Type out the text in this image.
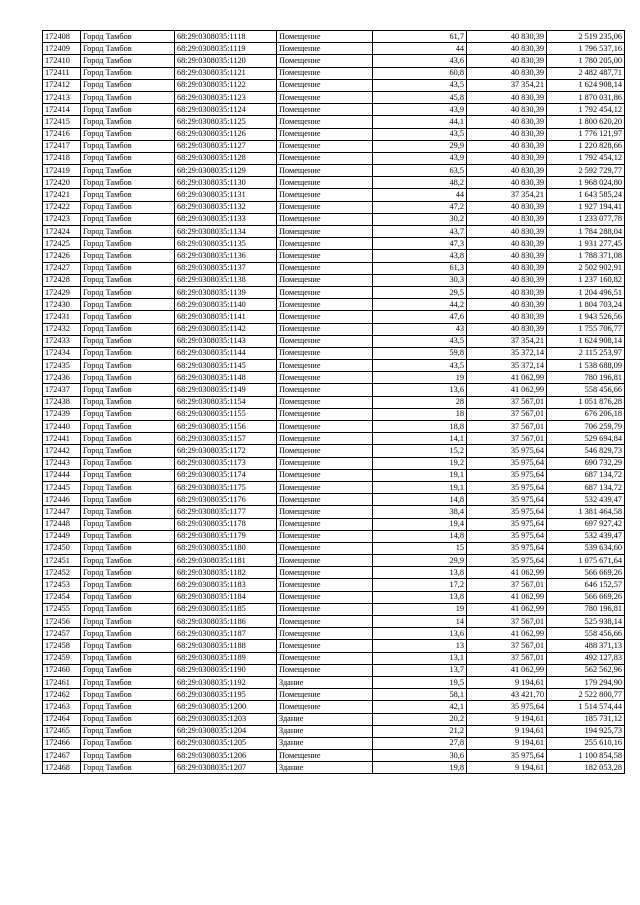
172408	Город Тамбов	68:29:0308035:1118	Помещение	61,7	40 830,39	2 519 235,06
172409	Город Тамбов	68:29:0308035:1119	Помещение	44	40 830,39	1 796 537,16
172410	Город Тамбов	68:29:0308035:1120	Помещение	43,6	40 830,39	1 780 205,00
172411	Город Тамбов	68:29:0308035:1121	Помещение	60,8	40 830,39	2 482 487,71
172412	Город Тамбов	68:29:0308035:1122	Помещение	43,5	37 354,21	1 624 908,14
172413	Город Тамбов	68:29:0308035:1123	Помещение	45,8	40 830,39	1 870 031,86
172414	Город Тамбов	68:29:0308035:1124	Помещение	43,9	40 830,39	1 792 454,12
172415	Город Тамбов	68:29:0308035:1125	Помещение	44,1	40 830,39	1 800 620,20
172416	Город Тамбов	68:29:0308035:1126	Помещение	43,5	40 830,39	1 776 121,97
172417	Город Тамбов	68:29:0308035:1127	Помещение	29,9	40 830,39	1 220 828,66
172418	Город Тамбов	68:29:0308035:1128	Помещение	43,9	40 830,39	1 792 454,12
172419	Город Тамбов	68:29:0308035:1129	Помещение	63,5	40 830,39	2 592 729,77
172420	Город Тамбов	68:29:0308035:1130	Помещение	48,2	40 830,39	1 968 024,80
172421	Город Тамбов	68:29:0308035:1131	Помещение	44	37 354,21	1 643 585,24
172422	Город Тамбов	68:29:0308035:1132	Помещение	47,2	40 830,39	1 927 194,41
172423	Город Тамбов	68:29:0308035:1133	Помещение	30,2	40 830,39	1 233 077,78
172424	Город Тамбов	68:29:0308035:1134	Помещение	43,7	40 830,39	1 784 288,04
172425	Город Тамбов	68:29:0308035:1135	Помещение	47,3	40 830,39	1 931 277,45
172426	Город Тамбов	68:29:0308035:1136	Помещение	43,8	40 830,39	1 788 371,08
172427	Город Тамбов	68:29:0308035:1137	Помещение	61,3	40 830,39	2 502 902,91
172428	Город Тамбов	68:29:0308035:1138	Помещение	30,3	40 830,39	1 237 160,82
172429	Город Тамбов	68:29:0308035:1139	Помещение	29,5	40 830,39	1 204 496,51
172430	Город Тамбов	68:29:0308035:1140	Помещение	44,2	40 830,39	1 804 703,24
172431	Город Тамбов	68:29:0308035:1141	Помещение	47,6	40 830,39	1 943 526,56
172432	Город Тамбов	68:29:0308035:1142	Помещение	43	40 830,39	1 755 706,77
172433	Город Тамбов	68:29:0308035:1143	Помещение	43,5	37 354,21	1 624 908,14
172434	Город Тамбов	68:29:0308035:1144	Помещение	59,8	35 372,14	2 115 253,97
172435	Город Тамбов	68:29:0308035:1145	Помещение	43,5	35 372,14	1 538 688,09
172436	Город Тамбов	68:29:0308035:1148	Помещение	19	41 062,99	780 196,81
172437	Город Тамбов	68:29:0308035:1149	Помещение	13,6	41 062,99	558 456,66
172438	Город Тамбов	68:29:0308035:1154	Помещение	28	37 567,01	1 051 876,28
172439	Город Тамбов	68:29:0308035:1155	Помещение	18	37 567,01	676 206,18
172440	Город Тамбов	68:29:0308035:1156	Помещение	18,8	37 567,01	706 259,79
172441	Город Тамбов	68:29:0308035:1157	Помещение	14,1	37 567,01	529 694,84
172442	Город Тамбов	68:29:0308035:1172	Помещение	15,2	35 975,64	546 829,73
172443	Город Тамбов	68:29:0308035:1173	Помещение	19,2	35 975,64	690 732,29
172444	Город Тамбов	68:29:0308035:1174	Помещение	19,1	35 975,64	687 134,72
172445	Город Тамбов	68:29:0308035:1175	Помещение	19,1	35 975,64	687 134,72
172446	Город Тамбов	68:29:0308035:1176	Помещение	14,8	35 975,64	532 439,47
172447	Город Тамбов	68:29:0308035:1177	Помещение	38,4	35 975,64	1 381 464,58
172448	Город Тамбов	68:29:0308035:1178	Помещение	19,4	35 975,64	697 927,42
172449	Город Тамбов	68:29:0308035:1179	Помещение	14,8	35 975,64	532 439,47
172450	Город Тамбов	68:29:0308035:1180	Помещение	15	35 975,64	539 634,60
172451	Город Тамбов	68:29:0308035:1181	Помещение	29,9	35 975,64	1 075 671,64
172452	Город Тамбов	68:29:0308035:1182	Помещение	13,8	41 062,99	566 669,26
172453	Город Тамбов	68:29:0308035:1183	Помещение	17,2	37 567,01	646 152,57
172454	Город Тамбов	68:29:0308035:1184	Помещение	13,8	41 062,99	566 669,26
172455	Город Тамбов	68:29:0308035:1185	Помещение	19	41 062,99	780 196,81
172456	Город Тамбов	68:29:0308035:1186	Помещение	14	37 567,01	525 938,14
172457	Город Тамбов	68:29:0308035:1187	Помещение	13,6	41 062,99	558 456,66
172458	Город Тамбов	68:29:0308035:1188	Помещение	13	37 567,01	488 371,13
172459	Город Тамбов	68:29:0308035:1189	Помещение	13,1	37 567,01	492 127,83
172460	Город Тамбов	68:29:0308035:1190	Помещение	13,7	41 062,99	562 562,96
172461	Город Тамбов	68:29:0308035:1192	Здание	19,5	9 194,61	179 294,90
172462	Город Тамбов	68:29:0308035:1195	Помещение	58,1	43 421,70	2 522 800,77
172463	Город Тамбов	68:29:0308035:1200	Помещение	42,1	35 975,64	1 514 574,44
172464	Город Тамбов	68:29:0308035:1203	Здание	20,2	9 194,61	185 731,12
172465	Город Тамбов	68:29:0308035:1204	Здание	21,2	9 194,61	194 925,73
172466	Город Тамбов	68:29:0308035:1205	Здание	27,8	9 194,61	255 610,16
172467	Город Тамбов	68:29:0308035:1206	Помещение	30,6	35 975,64	1 100 854,58
172468	Город Тамбов	68:29:0308035:1207	Здание	19,8	9 194,61	182 053,28
